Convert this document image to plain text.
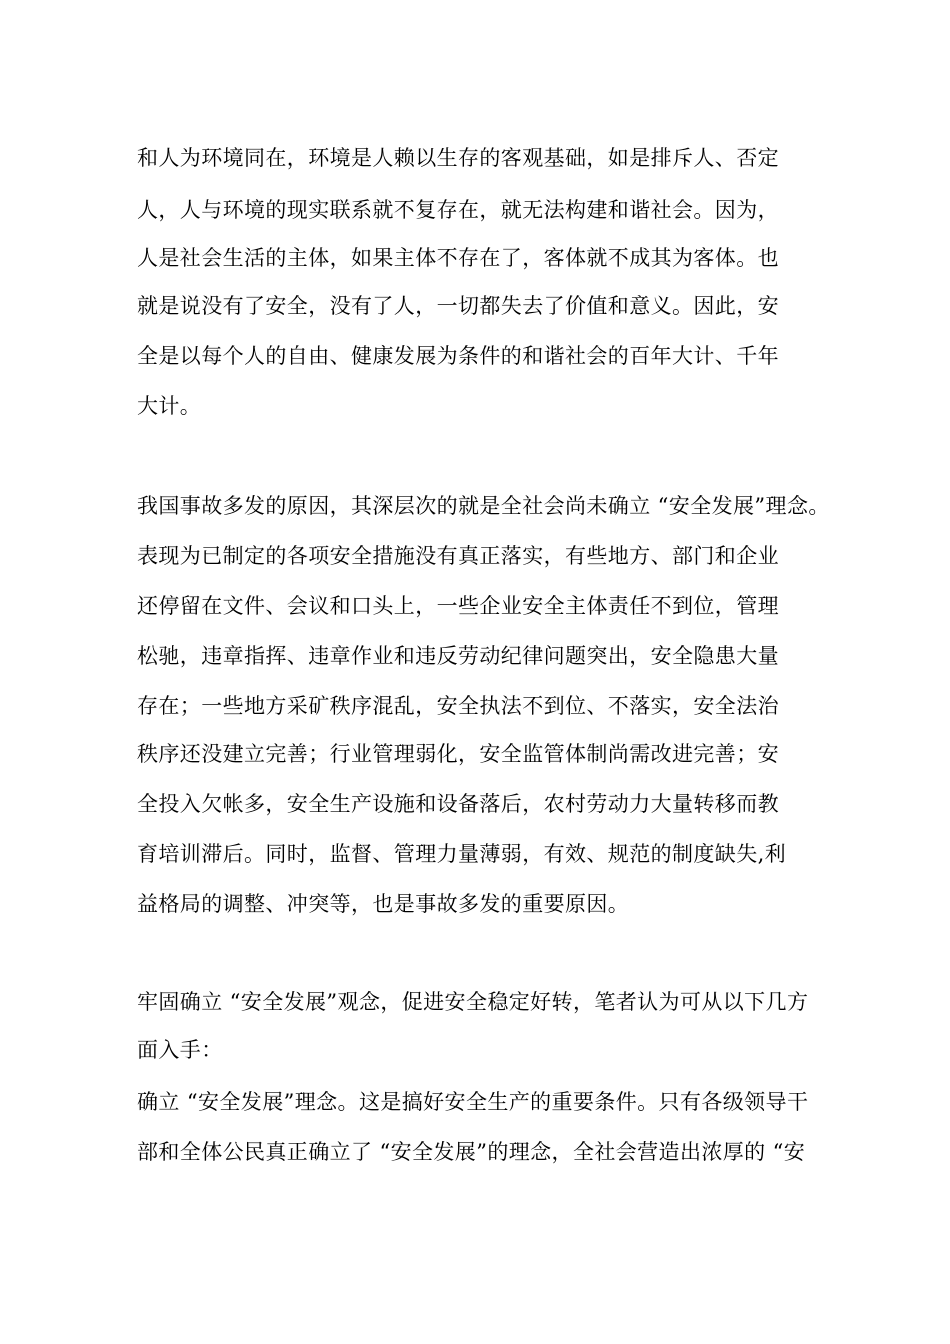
和人为环境同在，环境是人赖以生存的客观基础，如是排斥人、否定
人，人与环境的现实联系就不复存在，就无法构建和谐社会。因为，
人是社会生活的主体，如果主体不存在了，客体就不成其为客体。也
就是说没有了安全，没有了人，一切都失去了价值和意义。因此，安
全是以每个人的自由、健康发展为条件的和谐社会的百年大计、千年
大计。
我国事故多发的原因，其深层次的就是全社会尚未确立 “安全发展”理念。
表现为已制定的各项安全措施没有真正落实，有些地方、部门和企业
还停留在文件、会议和口头上，一些企业安全主体责任不到位，管理
松驰，违章指挥、违章作业和违反劳动纪律问题突出，安全隐患大量
存在；一些地方采矿秩序混乱，安全执法不到位、不落实，安全法治
秩序还没建立完善；行业管理弱化，安全监管体制尚需改进完善；安
全投入欠帐多，安全生产设施和设备落后，农村劳动力大量转移而教
育培训滞后。同时，监督、管理力量薄弱，有效、规范的制度缺失,利
益格局的调整、冲突等，也是事故多发的重要原因。
牢固确立 “安全发展”观念，促进安全稳定好转，笔者认为可从以下几方
面入手：
确立 “安全发展”理念。这是搞好安全生产的重要条件。只有各级领导干
部和全体公民真正确立了 “安全发展”的理念，全社会营造出浓厚的 “安
